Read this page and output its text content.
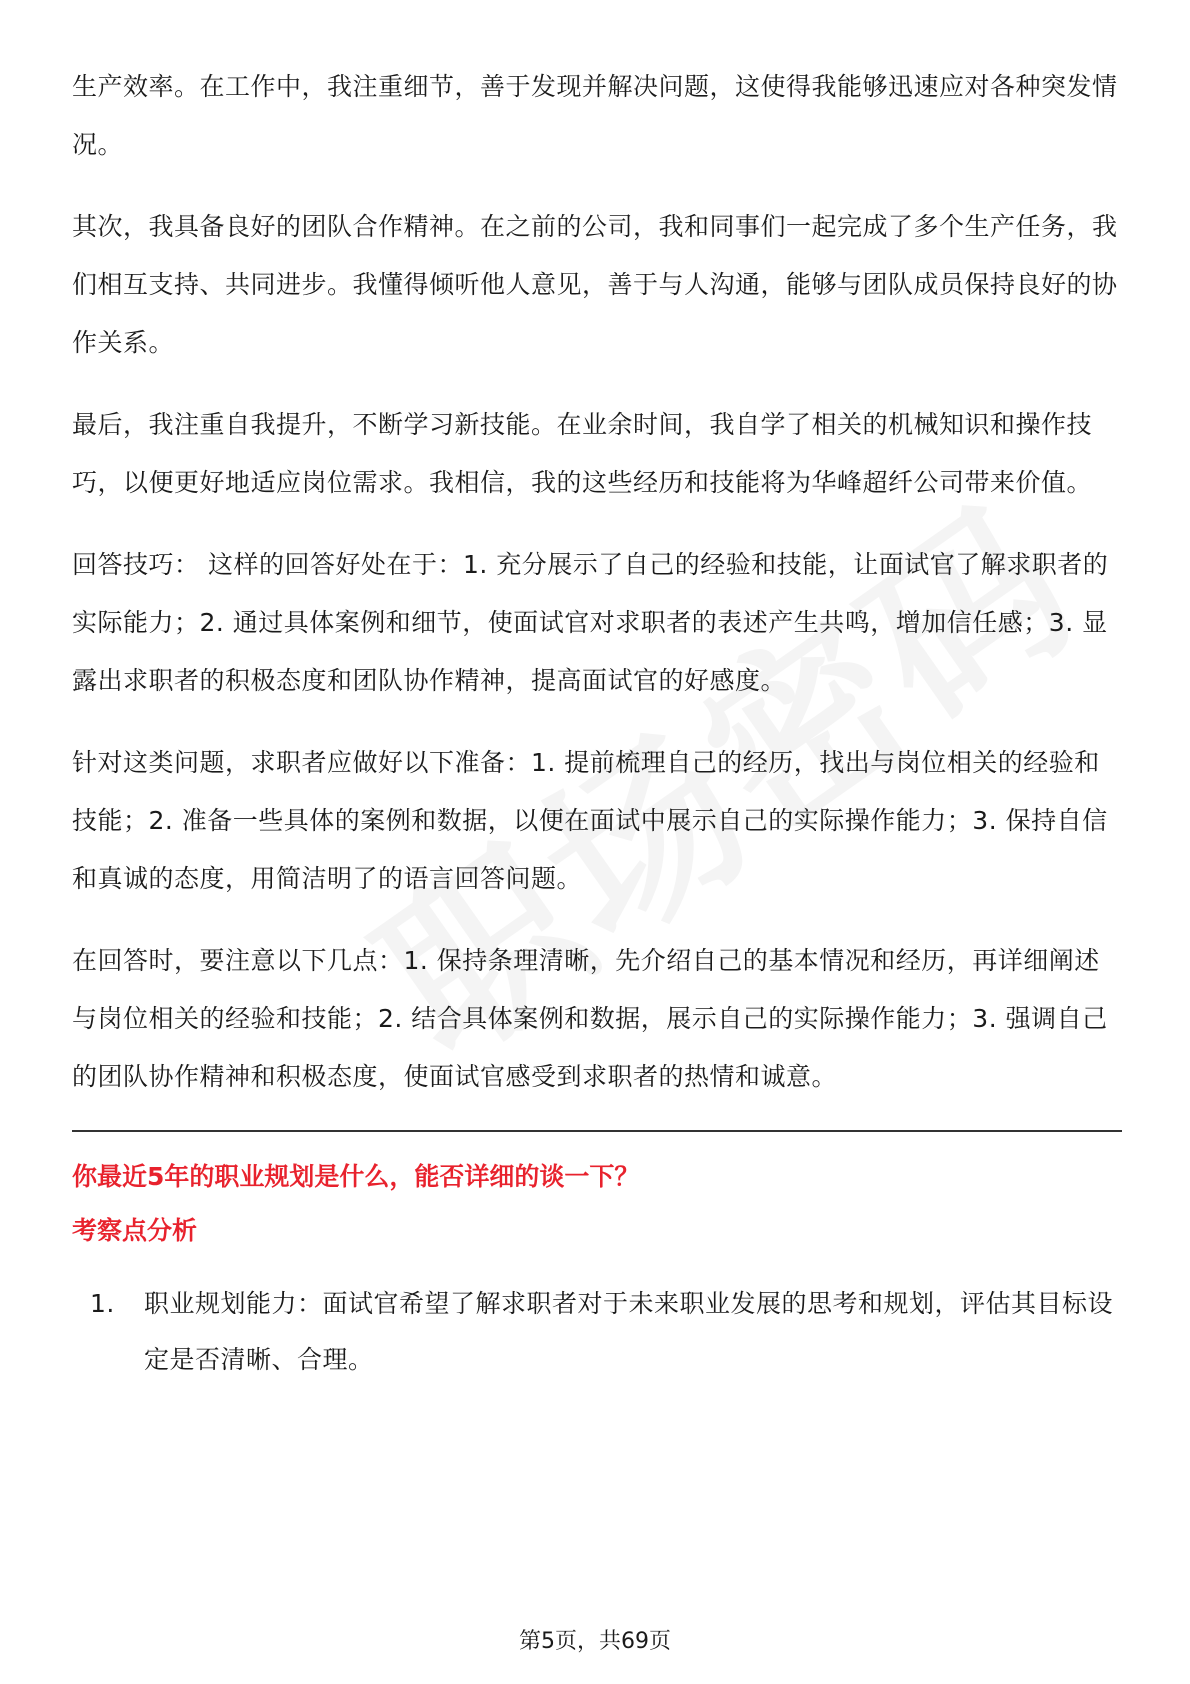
生产效率。在工作中，我注重细节，善于发现并解决问题，这使得我能够迅速应对各种突发情况。

其次，我具备良好的团队合作精神。在之前的公司，我和同事们一起完成了多个生产任务，我们相互支持、共同进步。我懂得倾听他人意见，善于与人沟通，能够与团队成员保持良好的协作关系。

最后，我注重自我提升，不断学习新技能。在业余时间，我自学了相关的机械知识和操作技巧，以便更好地适应岗位需求。我相信，我的这些经历和技能将为华峰超纤公司带来价值。

回答技巧： 这样的回答好处在于：1. 充分展示了自己的经验和技能，让面试官了解求职者的实际能力；2. 通过具体案例和细节，使面试官对求职者的表述产生共鸣，增加信任感；3. 显露出求职者的积极态度和团队协作精神，提高面试官的好感度。

针对这类问题，求职者应做好以下准备：1. 提前梳理自己的经历，找出与岗位相关的经验和技能；2. 准备一些具体的案例和数据，以便在面试中展示自己的实际操作能力；3. 保持自信和真诚的态度，用简洁明了的语言回答问题。

在回答时，要注意以下几点：1. 保持条理清晰，先介绍自己的基本情况和经历，再详细阐述与岗位相关的经验和技能；2. 结合具体案例和数据，展示自己的实际操作能力；3. 强调自己的团队协作精神和积极态度，使面试官感受到求职者的热情和诚意。

你最近5年的职业规划是什么，能否详细的谈一下？

考察点分析

1.	职业规划能力：面试官希望了解求职者对于未来职业发展的思考和规划，评估其目标设定是否清晰、合理。
第5页，共69页
